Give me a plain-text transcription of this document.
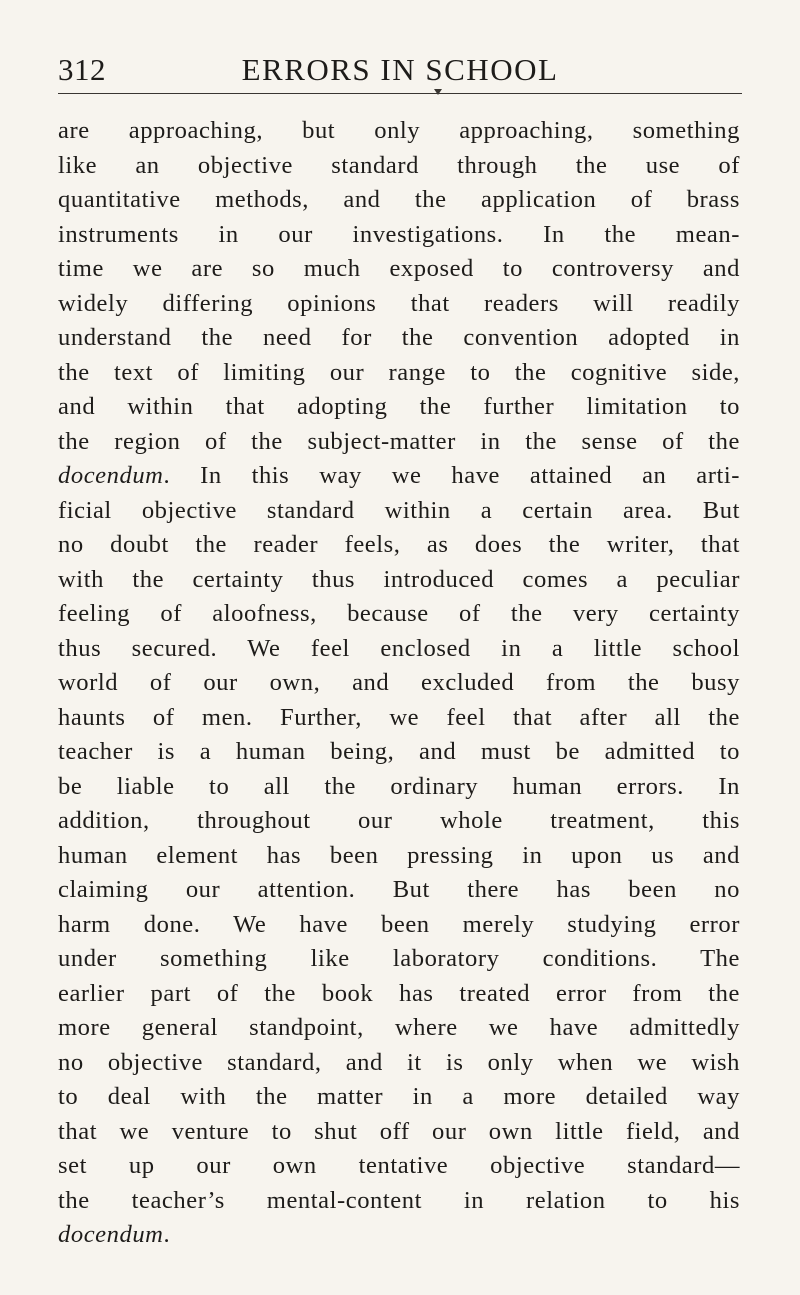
312	ERRORS IN SCHOOL
are approaching, but only approaching, something
like an objective standard through the use of
quantitative methods, and the application of brass
instruments in our investigations. In the mean-
time we are so much exposed to controversy and
widely differing opinions that readers will readily
understand the need for the convention adopted in
the text of limiting our range to the cognitive side,
and within that adopting the further limitation to
the region of the subject-matter in the sense of the
docendum. In this way we have attained an arti-
ficial objective standard within a certain area. But
no doubt the reader feels, as does the writer, that
with the certainty thus introduced comes a peculiar
feeling of aloofness, because of the very certainty
thus secured. We feel enclosed in a little school
world of our own, and excluded from the busy
haunts of men. Further, we feel that after all the
teacher is a human being, and must be admitted to
be liable to all the ordinary human errors. In
addition, throughout our whole treatment, this
human element has been pressing in upon us and
claiming our attention. But there has been no
harm done. We have been merely studying error
under something like laboratory conditions. The
earlier part of the book has treated error from the
more general standpoint, where we have admittedly
no objective standard, and it is only when we wish
to deal with the matter in a more detailed way
that we venture to shut off our own little field, and
set up our own tentative objective standard—
the teacher’s mental-content in relation to his
docendum.
